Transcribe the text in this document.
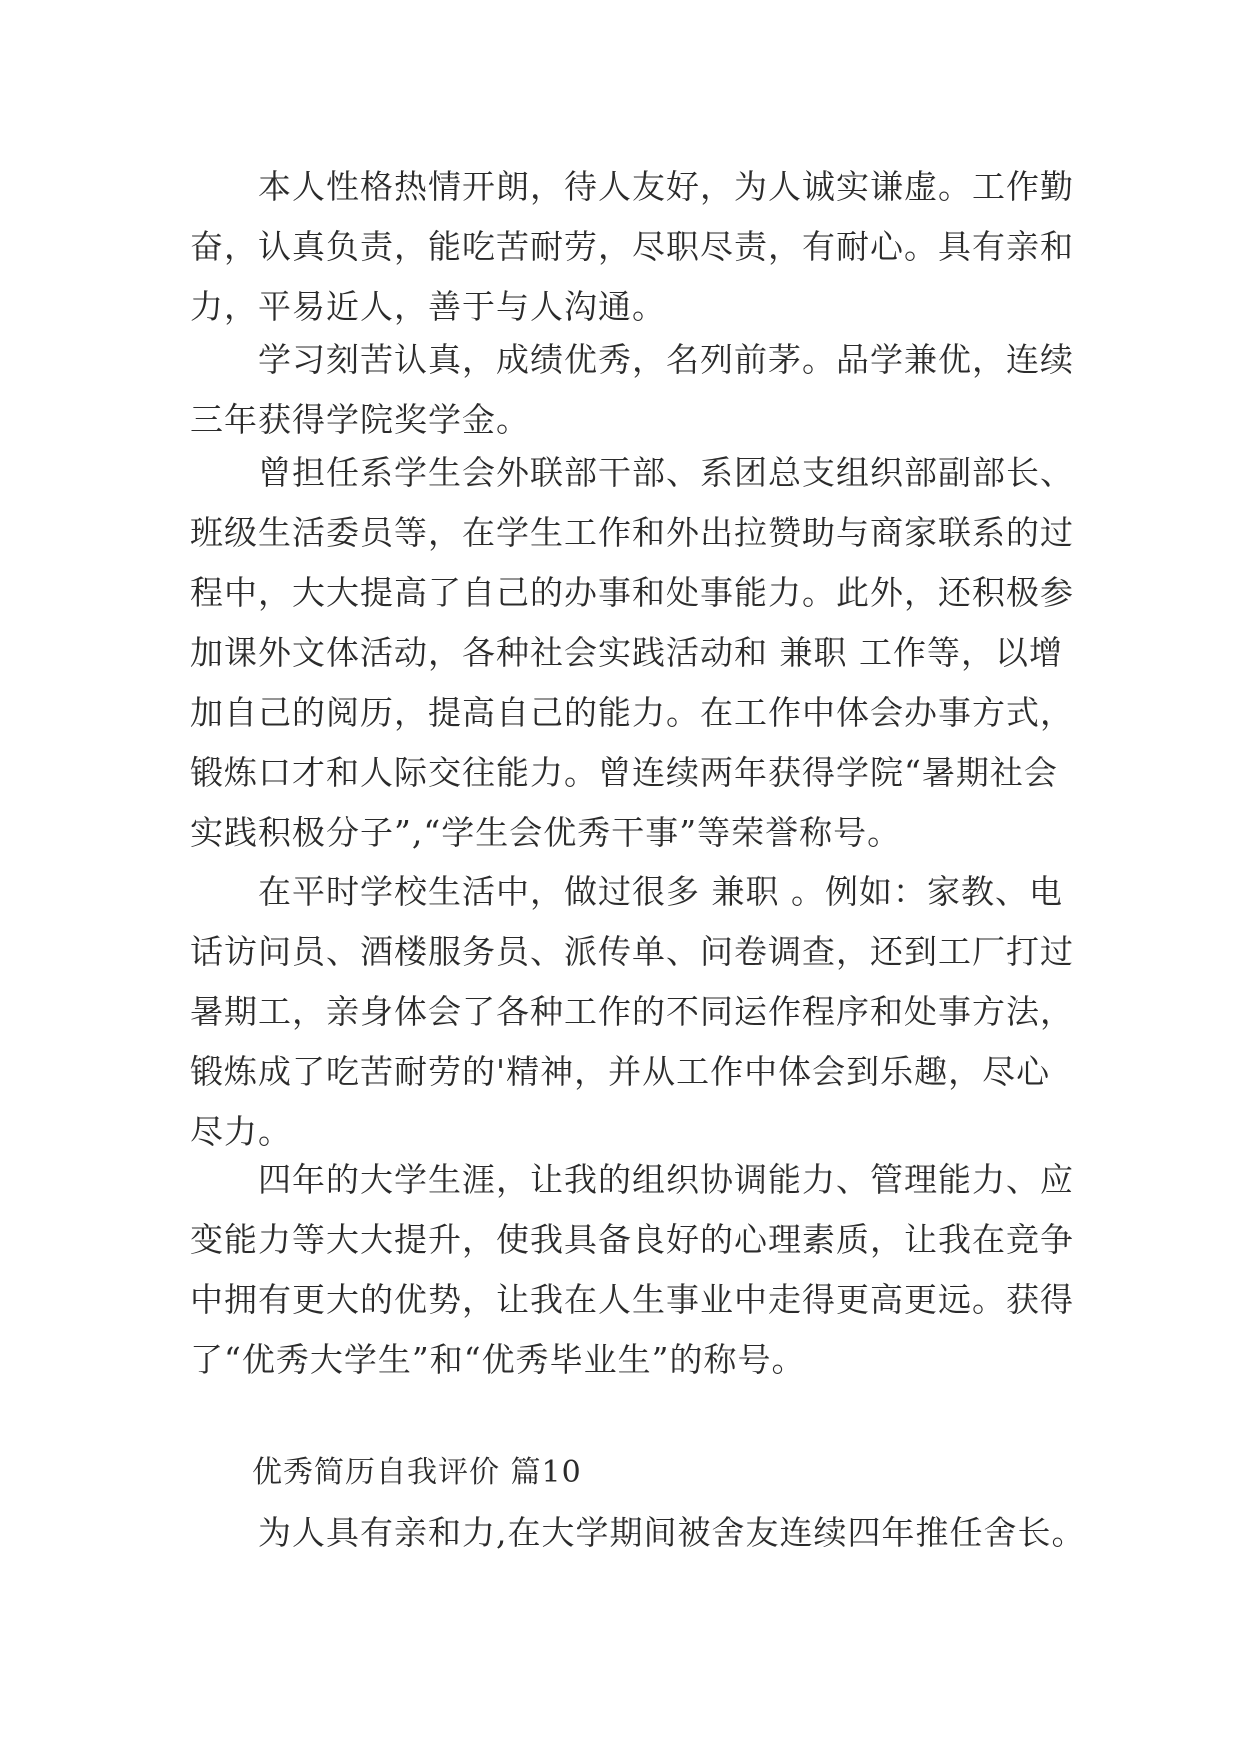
　　本人性格热情开朗，待人友好，为人诚实谦虚。工作勤
奋，认真负责，能吃苦耐劳，尽职尽责，有耐心。具有亲和
力，平易近人，善于与人沟通。

　　学习刻苦认真，成绩优秀，名列前茅。品学兼优，连续
三年获得学院奖学金。

　　曾担任系学生会外联部干部、系团总支组织部副部长、
班级生活委员等，在学生工作和外出拉赞助与商家联系的过
程中，大大提高了自己的办事和处事能力。此外，还积极参
加课外文体活动，各种社会实践活动和 兼职 工作等，以增
加自己的阅历，提高自己的能力。在工作中体会办事方式，
锻炼口才和人际交往能力。曾连续两年获得学院“暑期社会
实践积极分子”,“学生会优秀干事”等荣誉称号。

　　在平时学校生活中，做过很多 兼职 。例如：家教、电
话访问员、酒楼服务员、派传单、问卷调查，还到工厂打过
暑期工，亲身体会了各种工作的不同运作程序和处事方法，
锻炼成了吃苦耐劳的'精神，并从工作中体会到乐趣，尽心
尽力。

　　四年的大学生涯，让我的组织协调能力、管理能力、应
变能力等大大提升，使我具备良好的心理素质，让我在竞争
中拥有更大的优势，让我在人生事业中走得更高更远。获得
了“优秀大学生”和“优秀毕业生”的称号。

　　优秀简历自我评价 篇10

　　为人具有亲和力,在大学期间被舍友连续四年推任舍长。
